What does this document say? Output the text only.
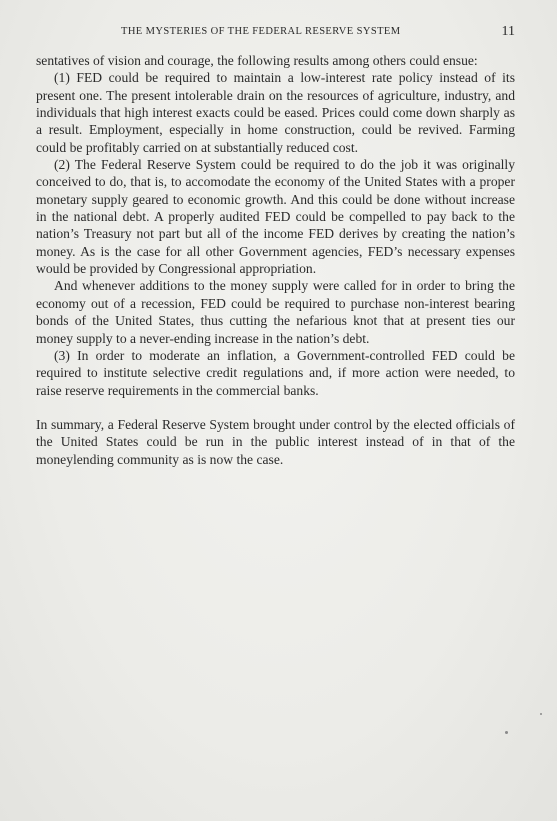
THE MYSTERIES OF THE FEDERAL RESERVE SYSTEM	11

sentatives of vision and courage, the following results among others could ensue:

(1) FED could be required to maintain a low-interest rate policy instead of its present one. The present intolerable drain on the resources of agriculture, industry, and individuals that high interest exacts could be eased. Prices could come down sharply as a result. Employment, especially in home construction, could be revived. Farming could be profitably carried on at substantially reduced cost.

(2) The Federal Reserve System could be required to do the job it was originally conceived to do, that is, to accomodate the economy of the United States with a proper monetary supply geared to economic growth. And this could be done without increase in the national debt. A properly audited FED could be compelled to pay back to the nation’s Treasury not part but all of the income FED derives by creating the nation’s money. As is the case for all other Government agencies, FED’s necessary expenses would be provided by Congressional appropriation.

And whenever additions to the money supply were called for in order to bring the economy out of a recession, FED could be required to purchase non-interest bearing bonds of the United States, thus cutting the nefarious knot that at present ties our money supply to a never-ending increase in the nation’s debt.

(3) In order to moderate an inflation, a Government-controlled FED could be required to institute selective credit regulations and, if more action were needed, to raise reserve requirements in the commercial banks.

In summary, a Federal Reserve System brought under control by the elected officials of the United States could be run in the public interest instead of in that of the moneylending community as is now the case.
